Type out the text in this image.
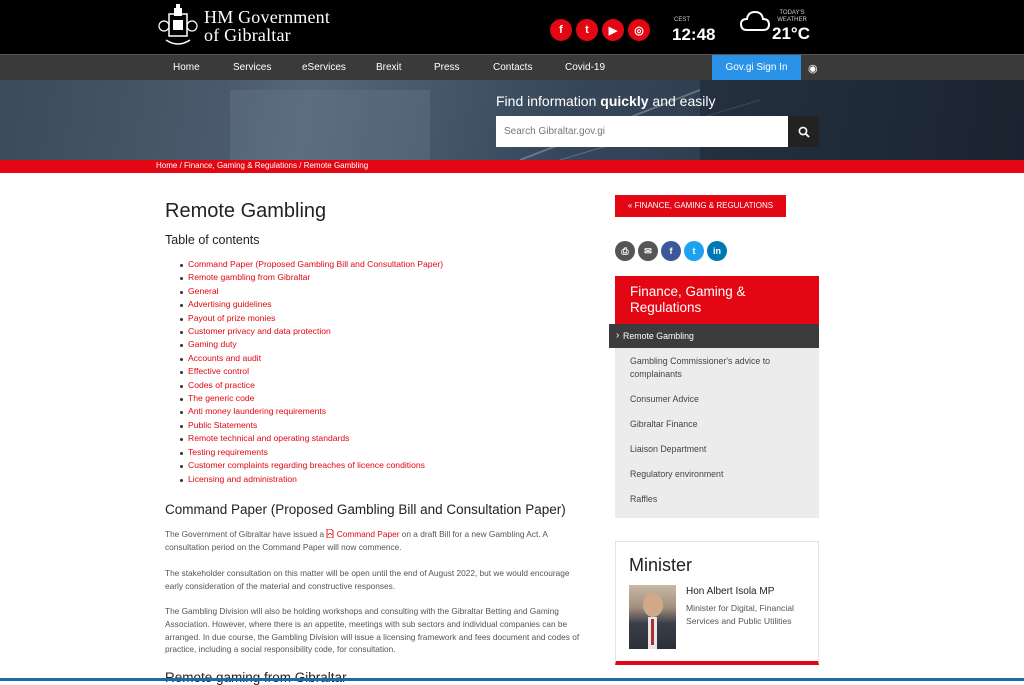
HM Government
of Gibraltar	f	t	▶	◎
CEST
12:48
TODAY'S WEATHER
21°C
Home	Services	eServices	Brexit	Press	Contacts	Covid-19	Gov.gi Sign In	◉
Find information quickly and easily
Search Gibraltar.gov.gi
Home / Finance, Gaming & Regulations / Remote Gambling
Remote Gambling
Table of contents
Command Paper (Proposed Gambling Bill and Consultation Paper)
Remote gambling from Gibraltar
General
Advertising guidelines
Payout of prize monies
Customer privacy and data protection
Gaming duty
Accounts and audit
Effective control
Codes of practice
The generic code
Anti money laundering requirements
Public Statements
Remote technical and operating standards
Testing requirements
Customer complaints regarding breaches of licence conditions
Licensing and administration
Command Paper (Proposed Gambling Bill and Consultation Paper)

The Government of Gibraltar have issued a  Command Paper on a draft Bill for a new Gambling Act. A consultation period on the Command Paper will now commence.

The stakeholder consultation on this matter will be open until the end of August 2022, but we would encourage early consideration of the material and constructive responses.

The Gambling Division will also be holding workshops and consulting with the Gibraltar Betting and Gaming Association. However, where there is an appetite, meetings with sub sectors and individual companies can be arranged. In due course, the Gambling Division will issue a licensing framework and fees document and codes of practice, including a social responsibility code, for consultation.

« FINANCE, GAMING & REGULATIONS
⎙	✉	f	t	in
Finance, Gaming & Regulations
› Remote Gambling
Gambling Commissioner's advice to complainants
Consumer Advice
Gibraltar Finance
Liaison Department
Regulatory environment
Raffles
Minister
Hon Albert Isola MP
Minister for Digital, Financial Services and Public Utilities
